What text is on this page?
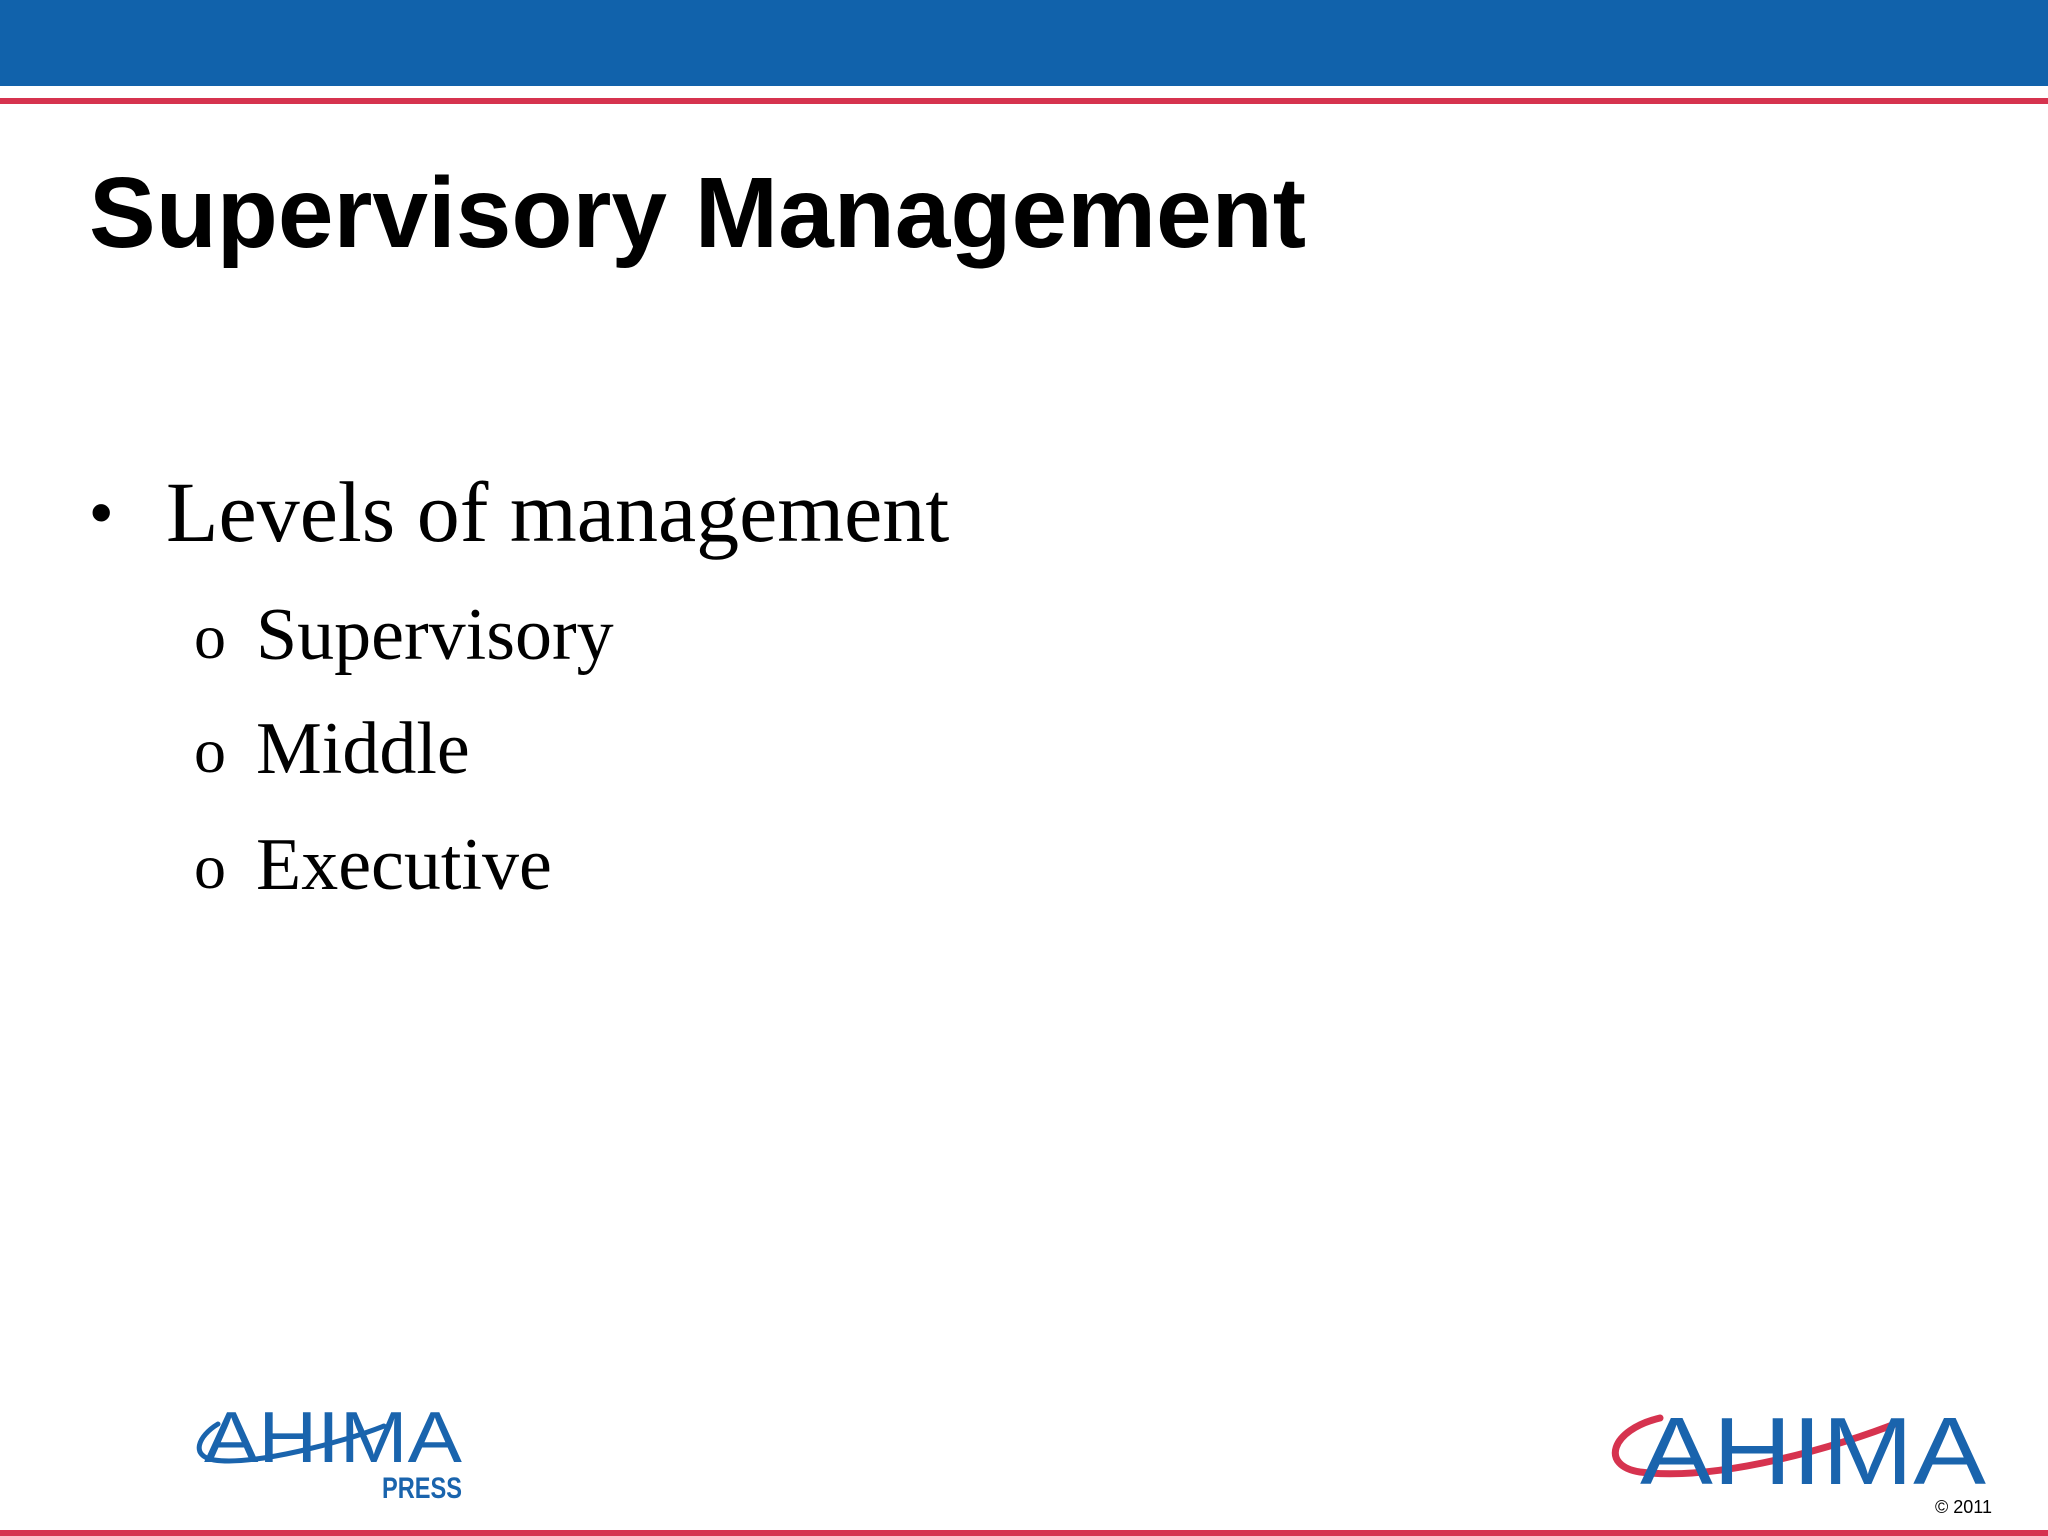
Supervisory Management
• Levels of management
o Supervisory
o Middle
o Executive
AHIMA
PRESS	AHIMA
© 2011
